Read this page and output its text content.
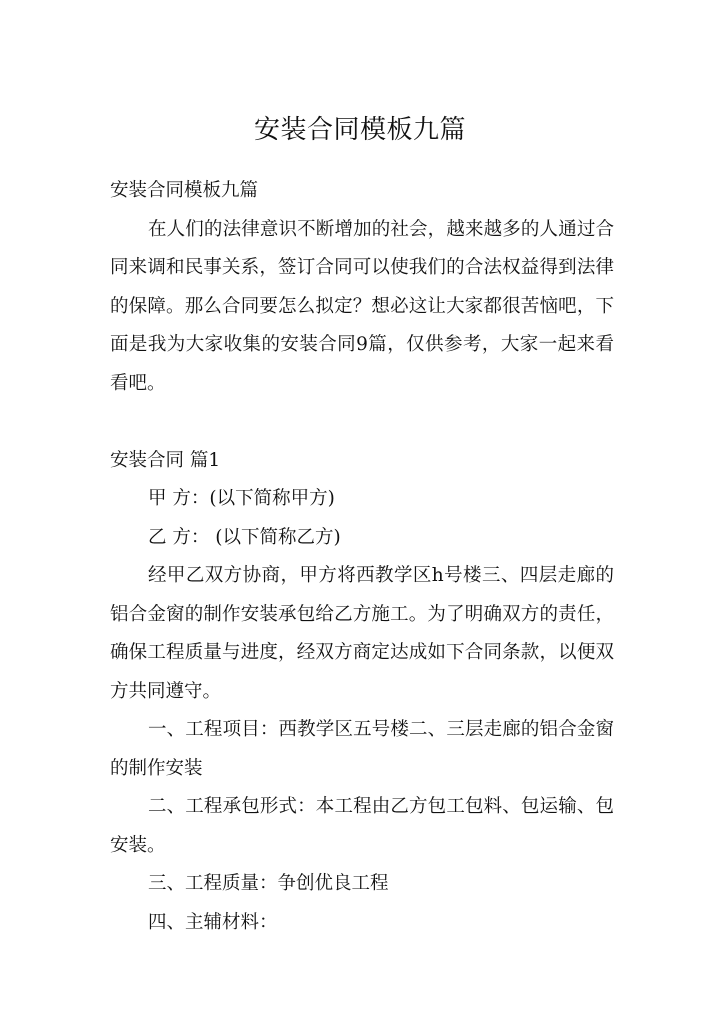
安装合同模板九篇

安装合同模板九篇

在人们的法律意识不断增加的社会，越来越多的人通过合同来调和民事关系，签订合同可以使我们的合法权益得到法律的保障。那么合同要怎么拟定？想必这让大家都很苦恼吧，下面是我为大家收集的安装合同9篇，仅供参考，大家一起来看看吧。

安装合同 篇1

甲 方：(以下简称甲方)

乙 方： (以下简称乙方)

经甲乙双方协商，甲方将西教学区h号楼三、四层走廊的铝合金窗的制作安装承包给乙方施工。为了明确双方的责任，确保工程质量与进度，经双方商定达成如下合同条款，以便双方共同遵守。

一、工程项目：西教学区五号楼二、三层走廊的铝合金窗的制作安装

二、工程承包形式：本工程由乙方包工包料、包运输、包安装。

三、工程质量：争创优良工程

四、主辅材料：
